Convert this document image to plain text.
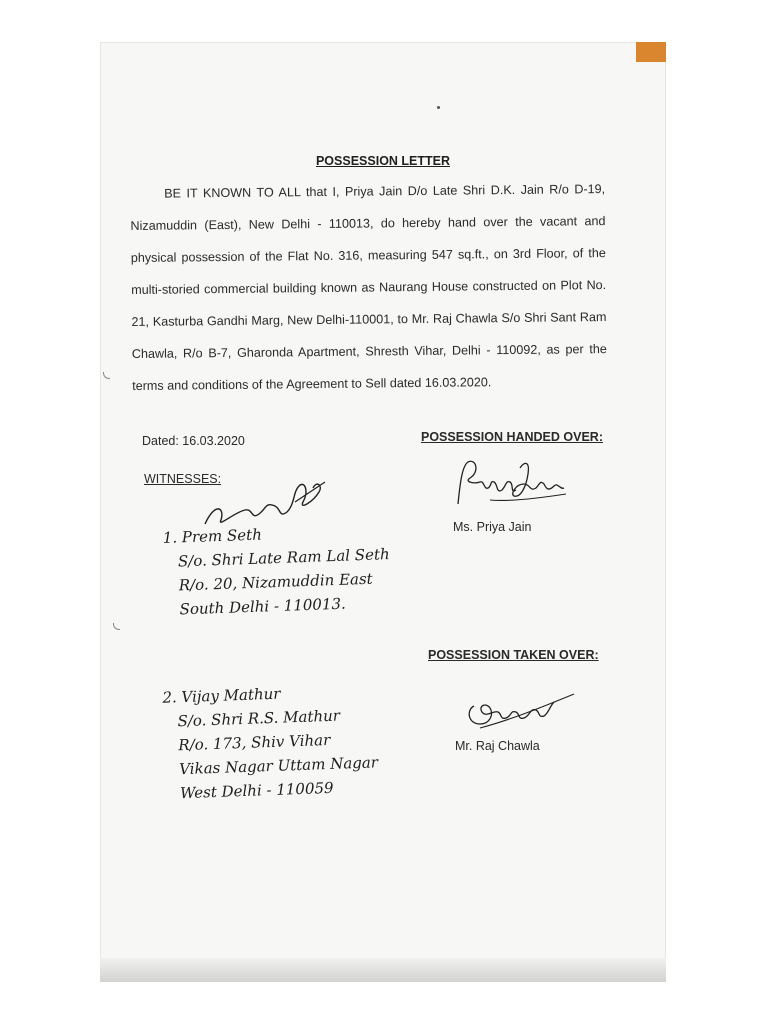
POSSESSION LETTER
BE IT KNOWN TO ALL that I, Priya Jain D/o Late Shri D.K. Jain R/o D-19, Nizamuddin (East), New Delhi - 110013, do hereby hand over the vacant and physical possession of the Flat No. 316, measuring 547 sq.ft., on 3rd Floor, of the multi-storied commercial building known as Naurang House constructed on Plot No. 21, Kasturba Gandhi Marg, New Delhi-110001, to Mr. Raj Chawla S/o Shri Sant Ram Chawla, R/o B-7, Gharonda Apartment, Shresth Vihar, Delhi - 110092, as per the terms and conditions of the Agreement to Sell dated 16.03.2020.
Dated: 16.03.2020
WITNESSES:
POSSESSION HANDED OVER:
Ms. Priya Jain
1. Prem Seth
S/o. Shri Late Ram Lal Seth
R/o. 20, Nizamuddin East
South Delhi - 110013.
POSSESSION TAKEN OVER:
Mr. Raj Chawla
2. Vijay Mathur
S/o. Shri R.S. Mathur
R/o. 173, Shiv Vihar
Vikas Nagar Uttam Nagar
West Delhi - 110059
